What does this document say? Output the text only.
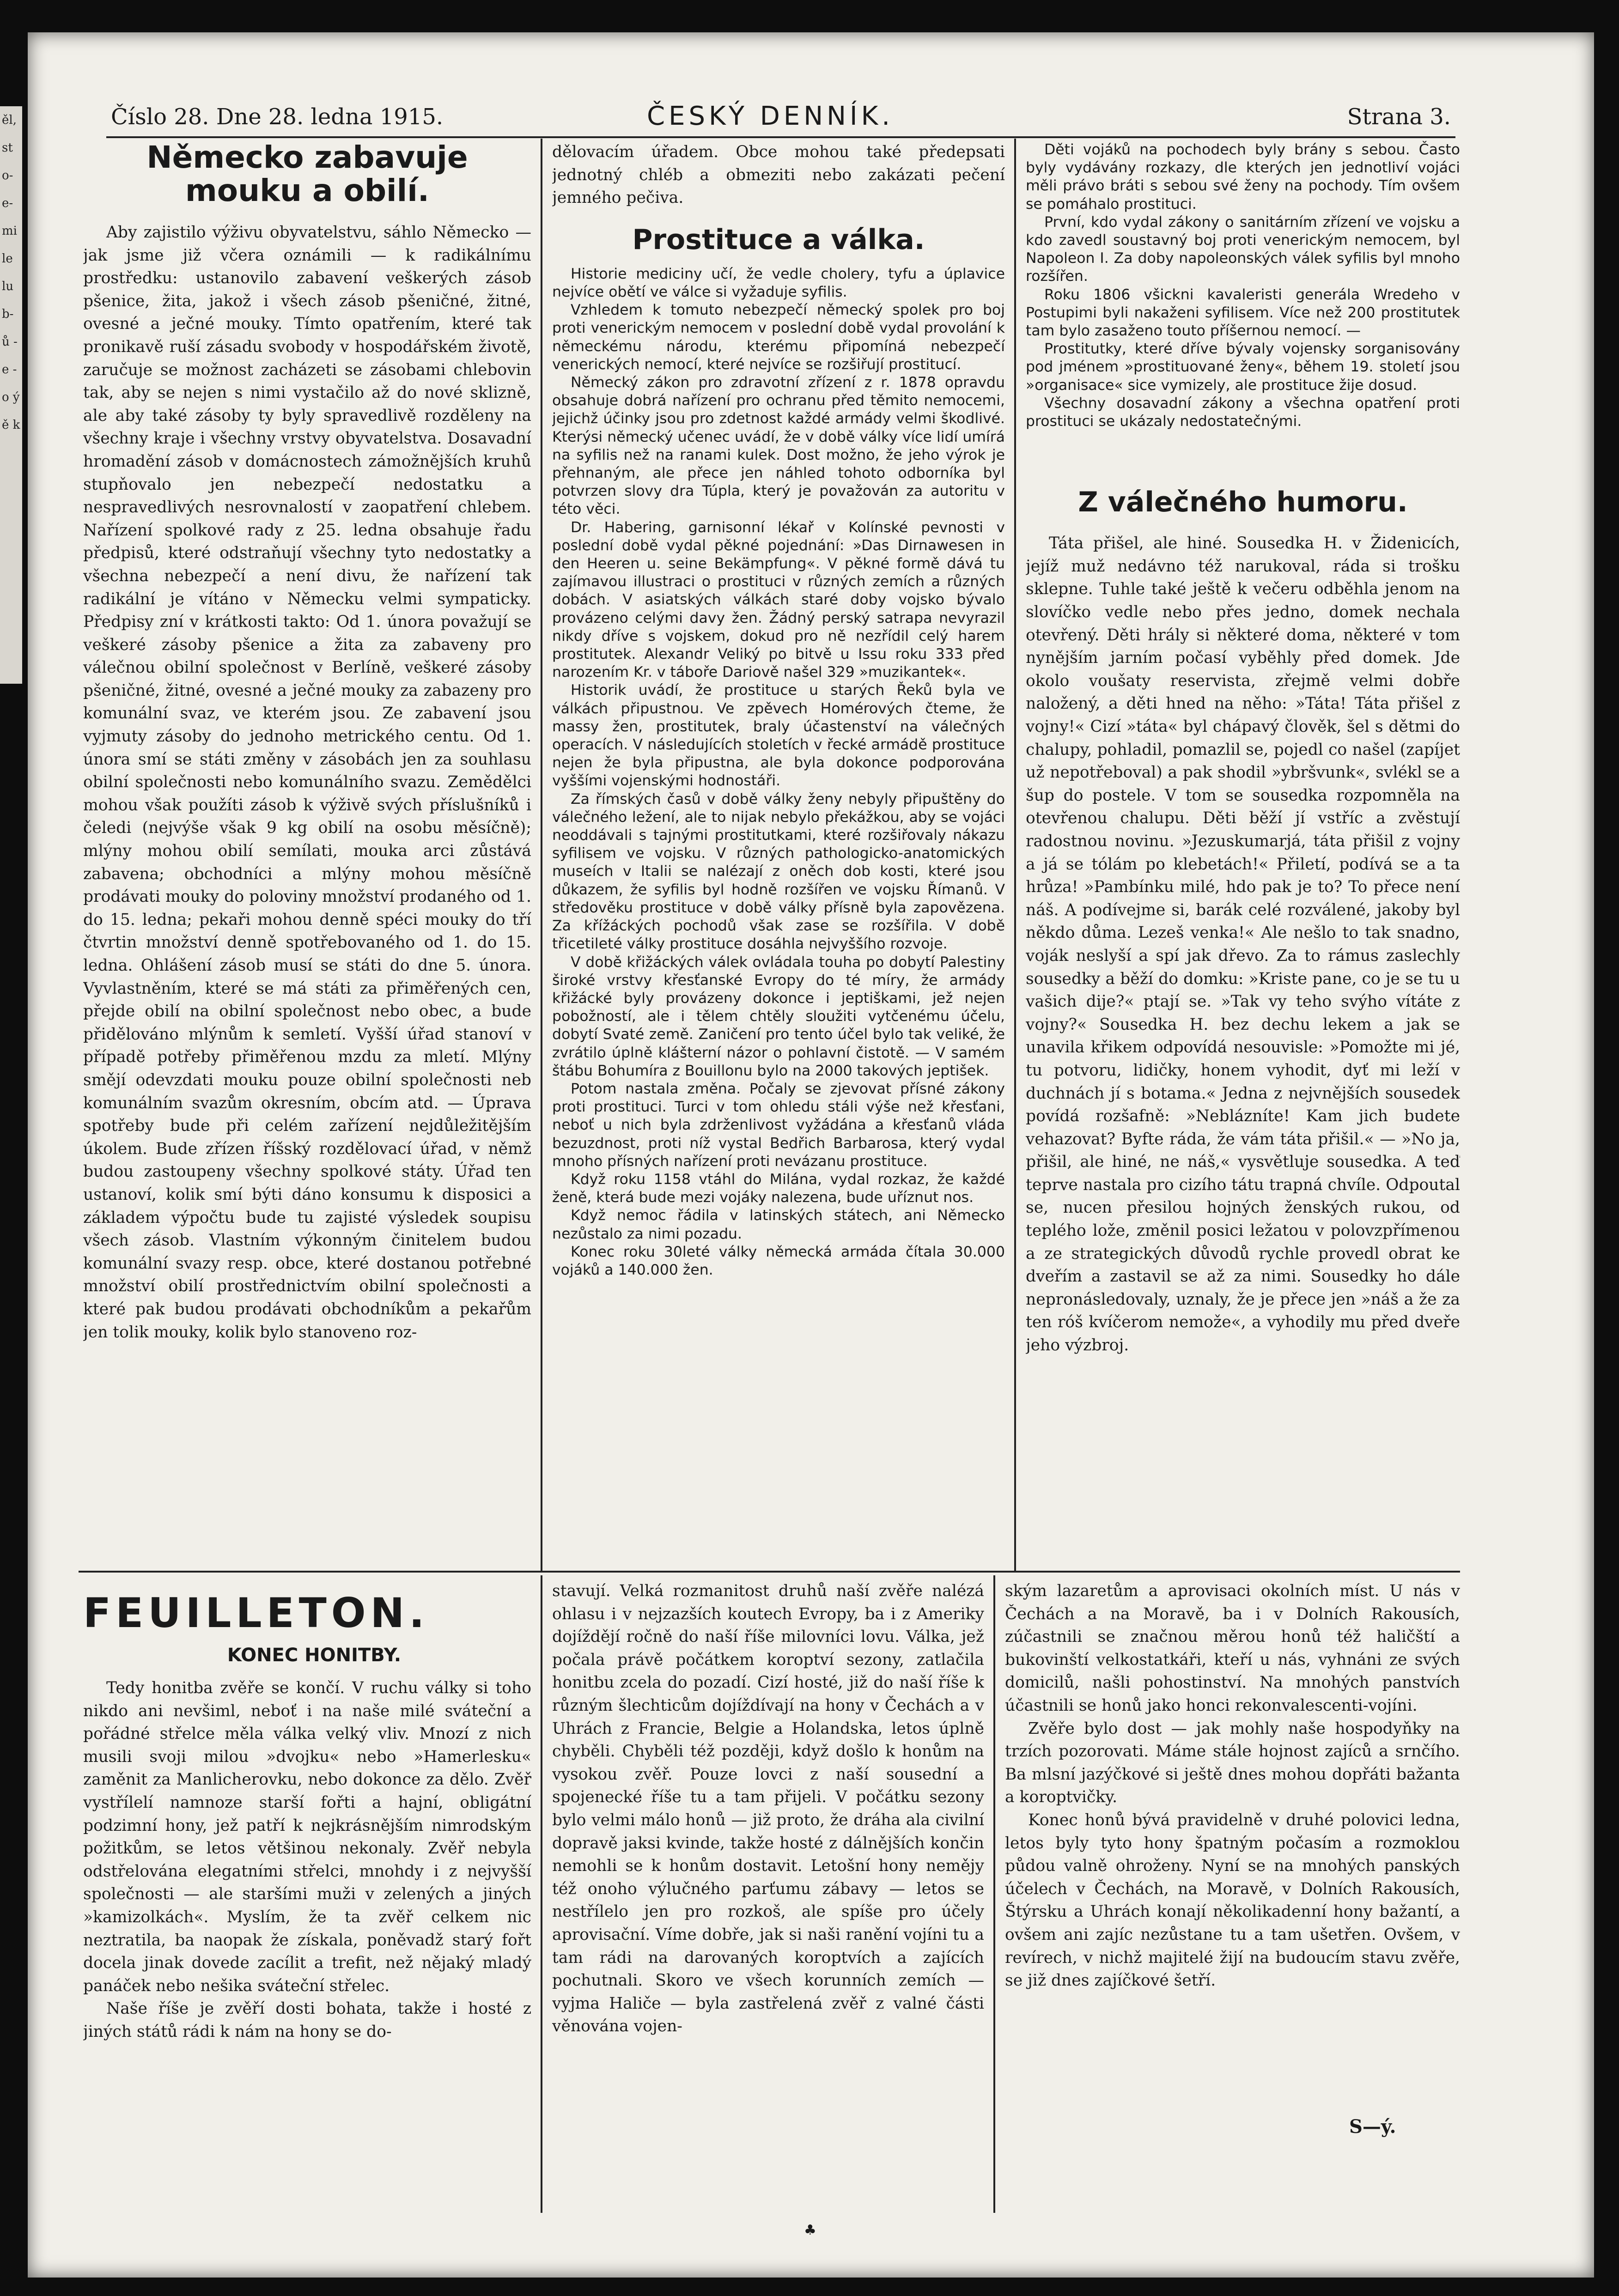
ěl, st o- e- mi le lu b- ů - e - o ý ě k
Číslo 28. Dne 28. ledna 1915.	ČESKÝ DENNÍK.	Strana 3.
Německo zabavuje mouku a obilí.

Aby zajistilo výživu obyvatelstvu, sáhlo Německo — jak jsme již včera oznámili — k radikálnímu prostředku: ustanovilo zabavení veškerých zásob pšenice, žita, jakož i všech zásob pšeničné, žitné, ovesné a ječné mouky. Tímto opatřením, které tak pronikavě ruší zásadu svobody v hospodářském životě, zaručuje se možnost zacházeti se zásobami chlebovin tak, aby se nejen s nimi vystačilo až do nové sklizně, ale aby také zásoby ty byly spravedlivě rozděleny na všechny kraje i všechny vrstvy obyvatelstva. Dosavadní hromadění zásob v domácnostech zámožnějších kruhů stupňovalo jen nebezpečí nedostatku a nespravedlivých nesrovnalostí v zaopatření chlebem. Nařízení spolkové rady z 25. ledna obsahuje řadu předpisů, které odstraňují všechny tyto nedostatky a všechna nebezpečí a není divu, že nařízení tak radikální je vítáno v Německu velmi sympaticky. Předpisy zní v krátkosti takto: Od 1. února považují se veškeré zásoby pšenice a žita za zabaveny pro válečnou obilní společnost v Berlíně, veškeré zásoby pšeničné, žitné, ovesné a ječné mouky za zabazeny pro komunální svaz, ve kterém jsou. Ze zabavení jsou vyjmuty zásoby do jednoho metrického centu. Od 1. února smí se státi změny v zásobách jen za souhlasu obilní společnosti nebo komunálního svazu. Zemědělci mohou však použíti zásob k výživě svých příslušníků i čeledi (nejvýše však 9 kg obilí na osobu měsíčně); mlýny mohou obilí semílati, mouka arci zůstává zabavena; obchodníci a mlýny mohou měsíčně prodávati mouky do poloviny množství prodaného od 1. do 15. ledna; pekaři mohou denně spéci mouky do tří čtvrtin množství denně spotřebovaného od 1. do 15. ledna. Ohlášení zásob musí se státi do dne 5. února. Vyvlastněním, které se má státi za přiměřených cen, přejde obilí na obilní společnost nebo obec, a bude přidělováno mlýnům k semletí. Vyšší úřad stanoví v případě potřeby přiměřenou mzdu za mletí. Mlýny smějí odevzdati mouku pouze obilní společnosti neb komunálním svazům okresním, obcím atd. — Úprava spotřeby bude při celém zařízení nejdůležitějším úkolem. Bude zřízen říšský rozdělovací úřad, v němž budou zastoupeny všechny spolkové státy. Úřad ten ustanoví, kolik smí býti dáno konsumu k disposici a základem výpočtu bude tu zajisté výsledek soupisu všech zásob. Vlastním výkonným činitelem budou komunální svazy resp. obce, které dostanou potřebné množství obilí prostřednictvím obilní společnosti a které pak budou prodávati obchodníkům a pekařům jen tolik mouky, kolik bylo stanoveno roz-

dělovacím úřadem. Obce mohou také předepsati jednotný chléb a obmeziti nebo zakázati pečení jemného pečiva.

Prostituce a válka.

Historie mediciny učí, že vedle cholery, tyfu a úplavice nejvíce obětí ve válce si vyžaduje syfilis.

Vzhledem k tomuto nebezpečí německý spolek pro boj proti venerickým nemocem v poslední době vydal provolání k německému národu, kterému připomíná nebezpečí venerických nemocí, které nejvíce se rozšiřují prostitucí.

Německý zákon pro zdravotní zřízení z r. 1878 opravdu obsahuje dobrá nařízení pro ochranu před těmito nemocemi, jejichž účinky jsou pro zdetnost každé armády velmi škodlivé. Kterýsi německý učenec uvádí, že v době války více lidí umírá na syfilis než na ranami kulek. Dost možno, že jeho výrok je přehnaným, ale přece jen náhled tohoto odborníka byl potvrzen slovy dra Túpla, který je považován za autoritu v této věci.

Dr. Habering, garnisonní lékař v Kolínské pevnosti v poslední době vydal pěkné pojednání: »Das Dirnawesen in den Heeren u. seine Bekämpfung«. V pěkné formě dává tu zajímavou illustraci o prostituci v různých zemích a různých dobách. V asiatských válkách staré doby vojsko bývalo provázeno celými davy žen. Žádný perský satrapa nevyrazil nikdy dříve s vojskem, dokud pro ně nezřídil celý harem prostitutek. Alexandr Veliký po bitvě u Issu roku 333 před narozením Kr. v táboře Dariově našel 329 »muzikantek«.

Historik uvádí, že prostituce u starých Řeků byla ve válkách připustnou. Ve zpěvech Homérových čteme, že massy žen, prostitutek, braly účastenství na válečných operacích. V následujících stoletích v řecké armádě prostituce nejen že byla připustna, ale byla dokonce podporována vyššími vojenskými hodnostáři.

Za římských časů v době války ženy nebyly připuštěny do válečného ležení, ale to nijak nebylo překážkou, aby se vojáci neoddávali s tajnými prostitutkami, které rozšiřovaly nákazu syfilisem ve vojsku. V různých pathologicko-anatomických museích v Italii se nalézají z oněch dob kosti, které jsou důkazem, že syfilis byl hodně rozšířen ve vojsku Římanů. V středověku prostituce v době války přísně byla zapovězena. Za křížáckých pochodů však zase se rozšířila. V době třicetileté války prostituce dosáhla nejvyššího rozvoje.

V době křižáckých válek ovládala touha po dobytí Palestiny široké vrstvy křesťanské Evropy do té míry, že armády křižácké byly provázeny dokonce i jeptiškami, jež nejen pobožností, ale i tělem chtěly sloužiti vytčenému účelu, dobytí Svaté země. Zaničení pro tento účel bylo tak veliké, že zvrátilo úplně klášterní názor o pohlavní čistotě. — V samém štábu Bohumíra z Bouillonu bylo na 2000 takových jeptišek.

Potom nastala změna. Počaly se zjevovat přísné zákony proti prostituci. Turci v tom ohledu stáli výše než křesťani, neboť u nich byla zdrženlivost vyžádána a křesťanů vláda bezuzdnost, proti níž vystal Bedřich Barbarosa, který vydal mnoho přísných nařízení proti nevázanu prostituce.

Když roku 1158 vtáhl do Milána, vydal rozkaz, že každé ženě, která bude mezi vojáky nalezena, bude uříznut nos.

Když nemoc řádila v latinských státech, ani Německo nezůstalo za nimi pozadu.

Konec roku 30leté války německá armáda čítala 30.000 vojáků a 140.000 žen.

Děti vojáků na pochodech byly brány s sebou. Často byly vydávány rozkazy, dle kterých jen jednotliví vojáci měli právo bráti s sebou své ženy na pochody. Tím ovšem se pomáhalo prostituci.

První, kdo vydal zákony o sanitárním zřízení ve vojsku a kdo zavedl soustavný boj proti venerickým nemocem, byl Napoleon I. Za doby napoleonských válek syfilis byl mnoho rozšířen.

Roku 1806 všickni kavaleristi generála Wredeho v Postupimi byli nakaženi syfilisem. Více než 200 prostitutek tam bylo zasaženo touto příšernou nemocí. —

Prostitutky, které dříve bývaly vojensky sorganisovány pod jménem »prostituované ženy«, během 19. století jsou »organisace« sice vymizely, ale prostituce žije dosud.

Všechny dosavadní zákony a všechna opatření proti prostituci se ukázaly nedostatečnými.

Z válečného humoru.

Táta přišel, ale hiné. Sousedka H. v Židenicích, jejíž muž nedávno též narukoval, ráda si trošku sklepne. Tuhle také ještě k večeru odběhla jenom na slovíčko vedle nebo přes jedno, domek nechala otevřený. Děti hrály si některé doma, některé v tom nynějším jarním počasí vyběhly před domek. Jde okolo voušaty reservista, zřejmě velmi dobře naložený, a děti hned na něho: »Táta! Táta přišel z vojny!« Cizí »táta« byl chápavý člověk, šel s dětmi do chalupy, pohladil, pomazlil se, pojedl co našel (zapíjet už nepotřeboval) a pak shodil »ybršvunk«, svlékl se a šup do postele. V tom se sousedka rozpomněla na otevřenou chalupu. Děti běží jí vstříc a zvěstují radostnou novinu. »Jezuskumarjá, táta přišil z vojny a já se tólám po klebetách!« Přiletí, podívá se a ta hrůza! »Pambínku milé, hdo pak je to? To přece není náš. A podívejme si, barák celé rozválené, jakoby byl někdo důma. Lezeš venka!« Ale nešlo to tak snadno, voják neslyší a spí jak dřevo. Za to rámus zaslechly sousedky a běží do domku: »Kriste pane, co je se tu u vašich dije?« ptají se. »Tak vy teho svýho vítáte z vojny?« Sousedka H. bez dechu lekem a jak se unavila křikem odpovídá nesouvisle: »Pomožte mi jé, tu potvoru, lidičky, honem vyhodit, dyť mi leží v duchnách jí s botama.« Jedna z nejvnějších sousedek povídá rozšafně: »Neblázníte! Kam jich budete vehazovat? Byfte ráda, že vám táta přišil.« — »No ja, přišil, ale hiné, ne náš,« vysvětluje sousedka. A teď teprve nastala pro cizího tátu trapná chvíle. Odpoutal se, nucen přesilou hojných ženských rukou, od teplého lože, změnil posici ležatou v polovzpřímenou a ze strategických důvodů rychle provedl obrat ke dveřím a zastavil se až za nimi. Sousedky ho dále nepronásledovaly, uznaly, že je přece jen »náš a že za ten róš kvíčerom nemože«, a vyhodily mu před dveře jeho výzbroj.

FEUILLETON.
KONEC HONITBY.

Tedy honitba zvěře se končí. V ruchu války si toho nikdo ani nevšiml, neboť i na naše milé sváteční a pořádné střelce měla válka velký vliv. Mnozí z nich musili svoji milou »dvojku« nebo »Hamerlesku« zaměnit za Manlicherovku, nebo dokonce za dělo. Zvěř vystřílelí namnoze starší fořti a hajní, obligátní podzimní hony, jež patří k nejkrásnějším nimrodským požitkům, se letos většinou nekonaly. Zvěř nebyla odstřelována elegatními střelci, mnohdy i z nejvyšší společnosti — ale staršími muži v zelených a jiných »kamizolkách«. Myslím, že ta zvěř celkem nic neztratila, ba naopak že získala, poněvadž starý fořt docela jinak dovede zacílit a trefit, než nějaký mladý panáček nebo nešika sváteční střelec.

Naše říše je zvěří dosti bohata, takže i hosté z jiných států rádi k nám na hony se do-

stavují. Velká rozmanitost druhů naší zvěře nalézá ohlasu i v nejzazších koutech Evropy, ba i z Ameriky dojíždějí ročně do naší říše milovníci lovu. Válka, jež počala právě počátkem koroptví sezony, zatlačila honitbu zcela do pozadí. Cizí hosté, již do naší říše k různým šlechticům dojíždívají na hony v Čechách a v Uhrách z Francie, Belgie a Holandska, letos úplně chyběli. Chyběli též později, když došlo k honům na vysokou zvěř. Pouze lovci z naší sousední a spojenecké říše tu a tam přijeli. V počátku sezony bylo velmi málo honů — již proto, že dráha ala civilní dopravě jaksi kvinde, takže hosté z dálnějších končin nemohli se k honům dostavit. Letošní hony nemějy též onoho výlučného parťumu zábavy — letos se nestřílelo jen pro rozkoš, ale spíše pro účely aprovisační. Víme dobře, jak si naši ranění vojíni tu a tam rádi na darovaných koroptvích a zajících pochutnali. Skoro ve všech korunních zemích — vyjma Haliče — byla zastřelená zvěř z valné části věnována vojen-

ským lazaretům a aprovisaci okolních míst. U nás v Čechách a na Moravě, ba i v Dolních Rakousích, zúčastnili se značnou měrou honů též haličští a bukovinští velkostatkáři, kteří u nás, vyhnáni ze svých domicilů, našli pohostinství. Na mnohých panstvích účastnili se honů jako honci rekonvalescenti-vojíni.

Zvěře bylo dost — jak mohly naše hospodyňky na trzích pozorovati. Máme stále hojnost zajíců a srnčího. Ba mlsní jazýčkové si ještě dnes mohou dopřáti bažanta a koroptvičky.

Konec honů bývá pravidelně v druhé polovici ledna, letos byly tyto hony špatným počasím a rozmoklou půdou valně ohroženy. Nyní se na mnohých panských účelech v Čechách, na Moravě, v Dolních Rakousích, Štýrsku a Uhrách konají několikadenní hony bažantí, a ovšem ani zajíc nezůstane tu a tam ušetřen. Ovšem, v revírech, v nichž majitelé žijí na budoucím stavu zvěře, se již dnes zajíčkové šetří.

S—ý.
♣
